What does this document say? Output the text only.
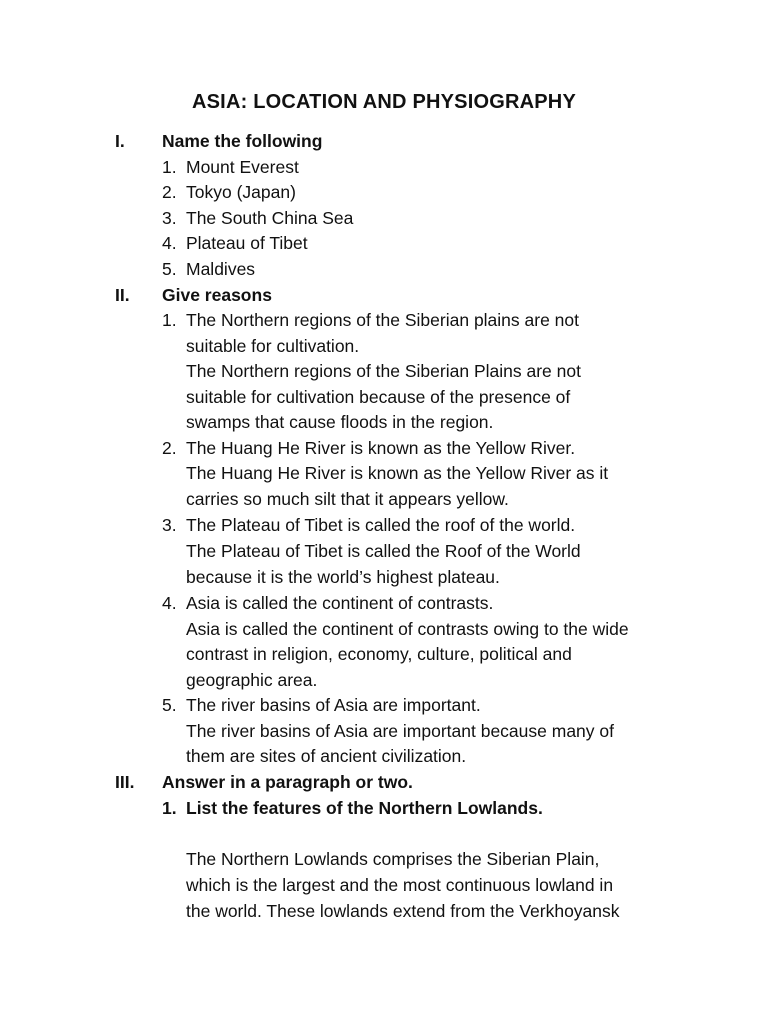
ASIA: LOCATION AND PHYSIOGRAPHY
I. Name the following
1. Mount Everest
2. Tokyo (Japan)
3. The South China Sea
4. Plateau of Tibet
5. Maldives
II. Give reasons
1. The Northern regions of the Siberian plains are not
suitable for cultivation.
The Northern regions of the Siberian Plains are not
suitable for cultivation because of the presence of
swamps that cause floods in the region.
2. The Huang He River is known as the Yellow River.
The Huang He River is known as the Yellow River as it
carries so much silt that it appears yellow.
3. The Plateau of Tibet is called the roof of the world.
The Plateau of Tibet is called the Roof of the World
because it is the world’s highest plateau.
4. Asia is called the continent of contrasts.
Asia is called the continent of contrasts owing to the wide
contrast in religion, economy, culture, political and
geographic area.
5. The river basins of Asia are important.
The river basins of Asia are important because many of
them are sites of ancient civilization.
III. Answer in a paragraph or two.
1. List the features of the Northern Lowlands.
The Northern Lowlands comprises the Siberian Plain,
which is the largest and the most continuous lowland in
the world. These lowlands extend from the Verkhoyansk
